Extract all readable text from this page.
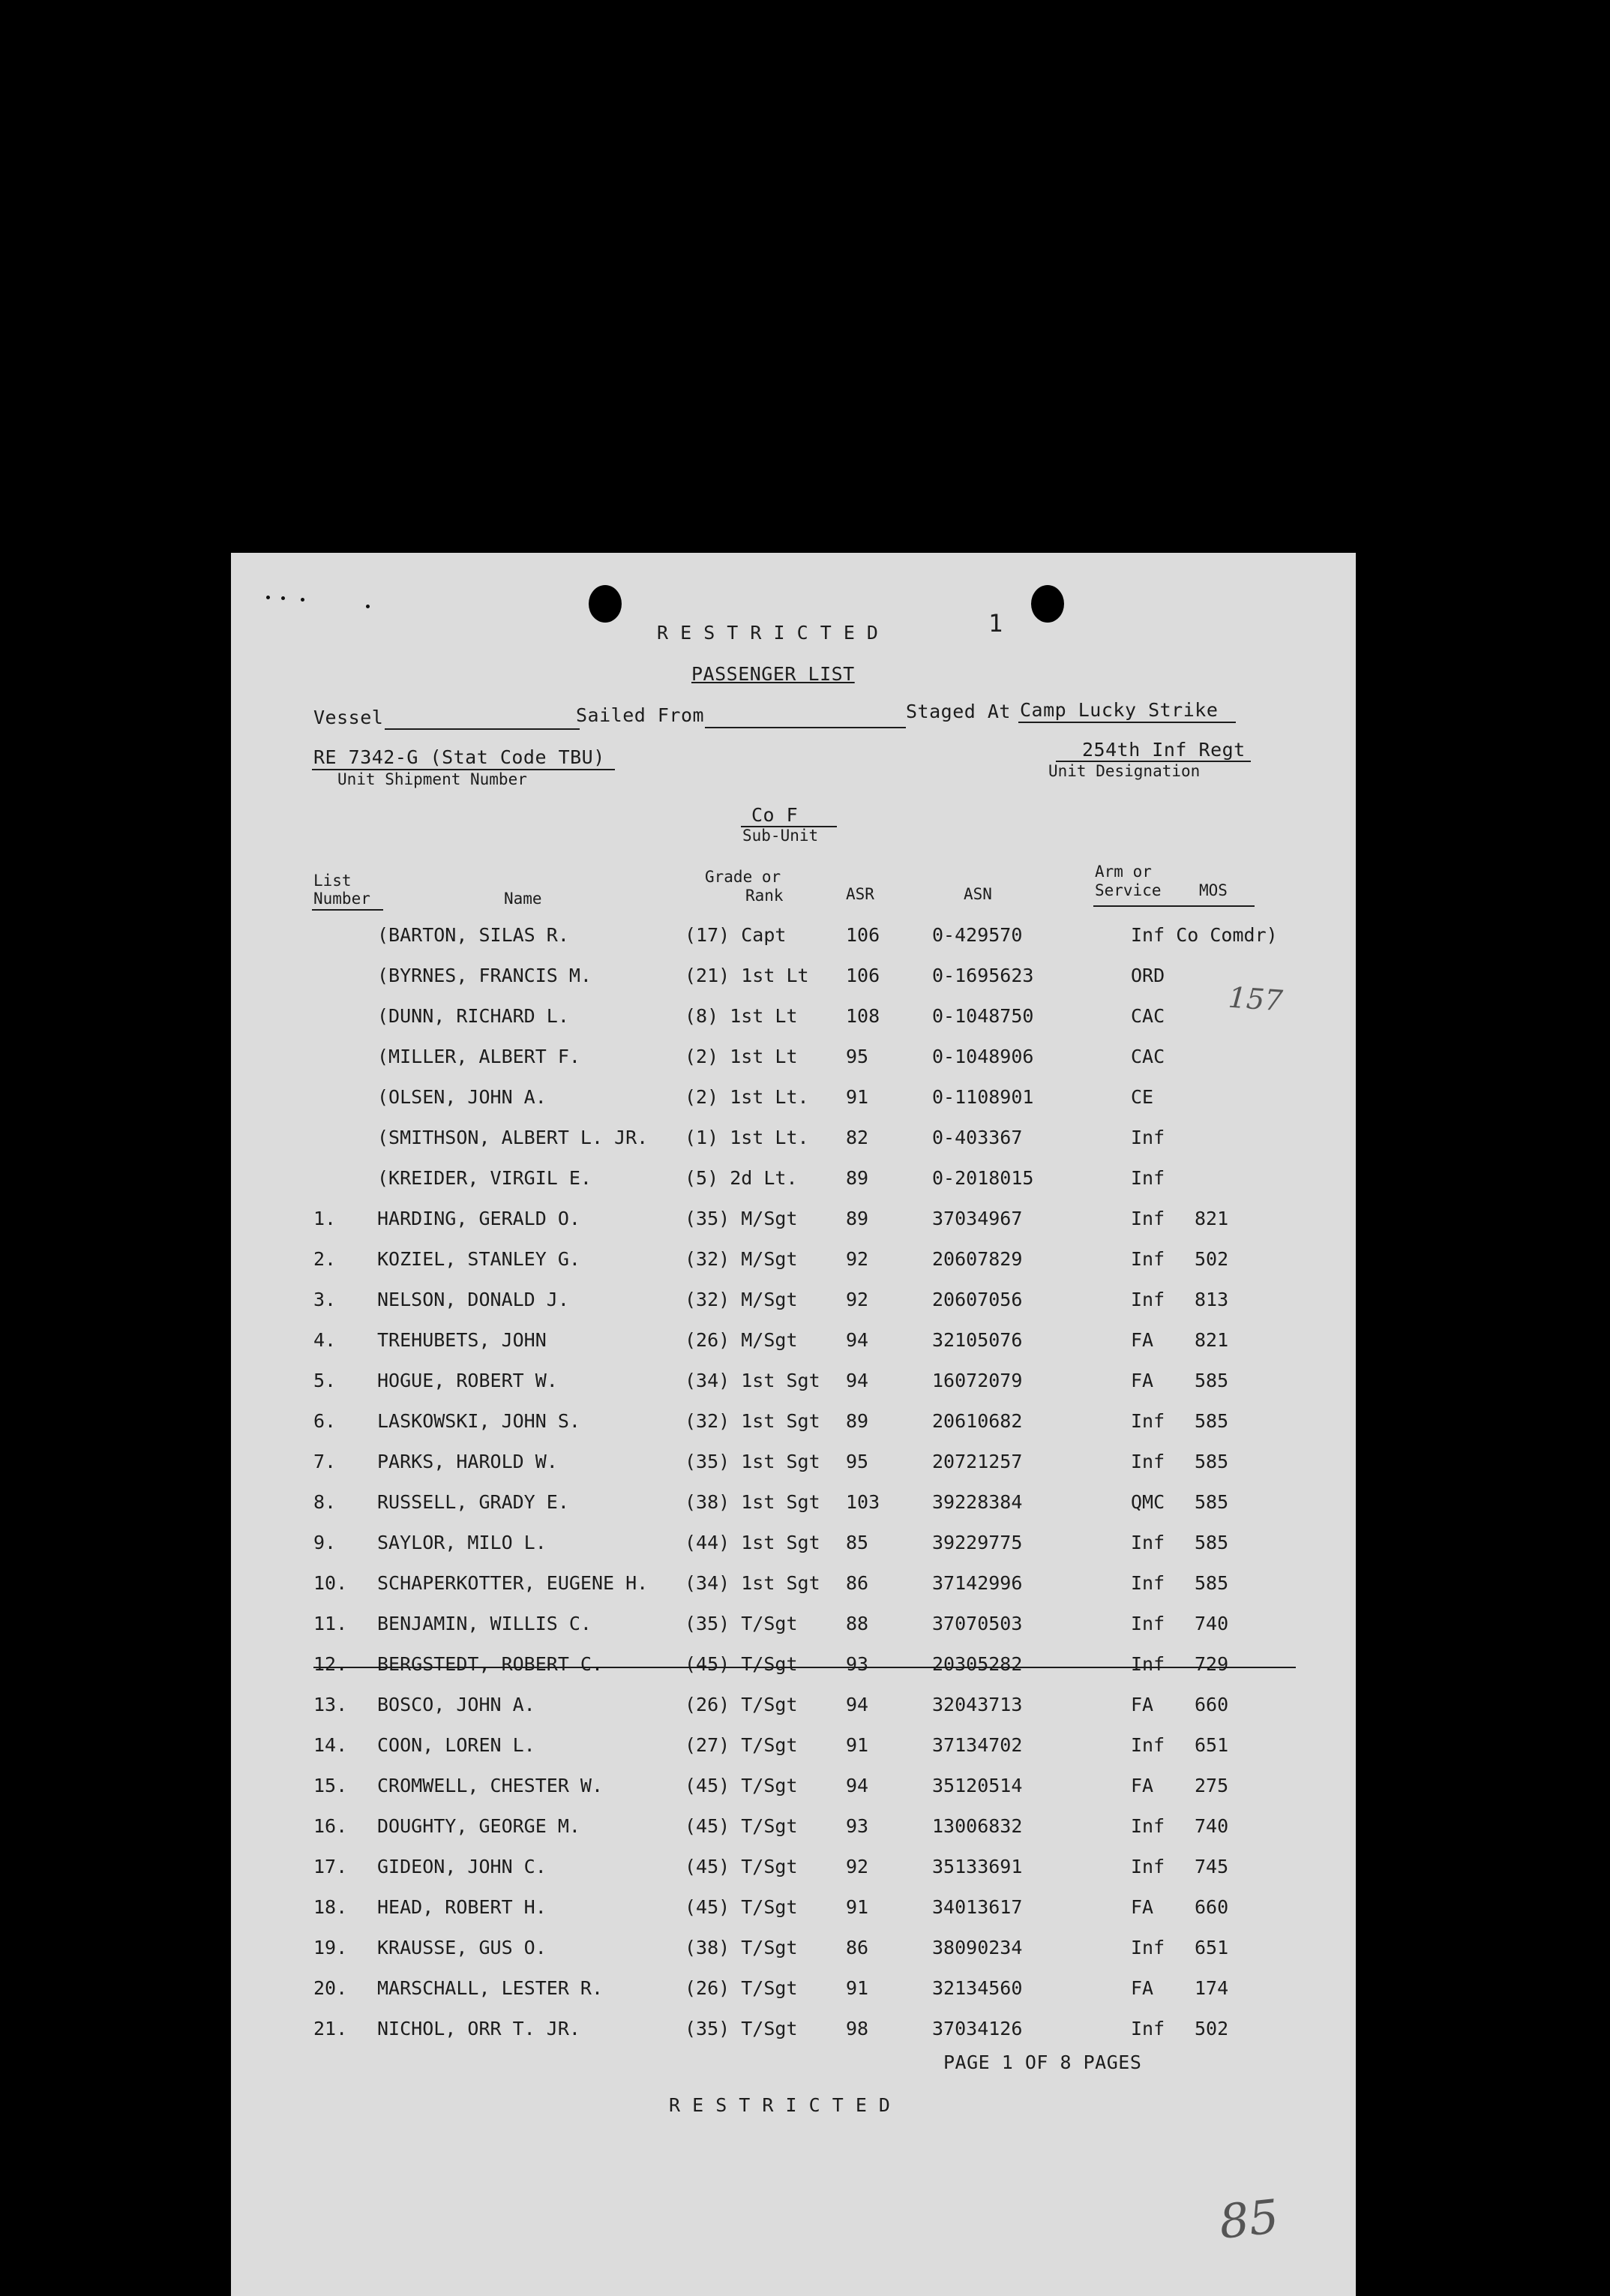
R E S T R I C T E D	1
PASSENGER LIST
Vessel	Sailed From	Staged At Camp Lucky Strike
RE 7342-G (Stat Code TBU)
Unit Shipment Number
254th Inf Regt
Unit Designation
Co F
Sub-Unit
List
Number	Name
Grade or
Rank	ASR	ASN
Arm or
Service MOS
(BARTON, SILAS R.	(17) Capt	106	0-429570	Inf Co Comdr)
(BYRNES, FRANCIS M.	(21) 1st Lt 106	0-1695623	ORD
(DUNN, RICHARD L.	(8) 1st Lt	108	0-1048750	CAC
(MILLER, ALBERT F.	(2) 1st Lt	95	0-1048906	CAC
(OLSEN, JOHN A.	(2) 1st Lt. 91	0-1108901	CE
(SMITHSON, ALBERT L. JR. (1) 1st Lt. 82	0-403367	Inf
(KREIDER, VIRGIL E.	(5) 2d Lt.	89	0-2018015	Inf
1. HARDING, GERALD O.	(35) M/Sgt	89	37034967	Inf 821
2. KOZIEL, STANLEY G.	(32) M/Sgt	92	20607829	Inf 502
3. NELSON, DONALD J.	(32) M/Sgt	92	20607056	Inf 813
4. TREHUBETS, JOHN	(26) M/Sgt	94	32105076	FA 821
5. HOGUE, ROBERT W.	(34) 1st Sgt 94	16072079	FA 585
6. LASKOWSKI, JOHN S.	(32) 1st Sgt 89	20610682	Inf 585
7. PARKS, HAROLD W.	(35) 1st Sgt 95	20721257	Inf 585
8. RUSSELL, GRADY E.	(38) 1st Sgt 103	39228384	QMC 585
9. SAYLOR, MILO L.	(44) 1st Sgt 85	39229775	Inf 585
10. SCHAPERKOTTER, EUGENE H. (34) 1st Sgt 86	37142996	Inf 585
11. BENJAMIN, WILLIS C.	(35) T/Sgt	88	37070503	Inf 740
12. BERGSTEDT, ROBERT C.	(45) T/Sgt	93	20305282	Inf 729
13. BOSCO, JOHN A.	(26) T/Sgt	94	32043713	FA 660
14. COON, LOREN L.	(27) T/Sgt	91	37134702	Inf 651
15. CROMWELL, CHESTER W.	(45) T/Sgt	94	35120514	FA 275
16. DOUGHTY, GEORGE M.	(45) T/Sgt	93	13006832	Inf 740
17. GIDEON, JOHN C.	(45) T/Sgt	92	35133691	Inf 745
18. HEAD, ROBERT H.	(45) T/Sgt	91	34013617	FA 660
19. KRAUSSE, GUS O.	(38) T/Sgt	86	38090234	Inf 651
20. MARSCHALL, LESTER R.	(26) T/Sgt	91	32134560	FA 174
21. NICHOL, ORR T. JR.	(35) T/Sgt	98	37034126	Inf 502
157
PAGE 1 OF 8 PAGES
R E S T R I C T E D
85
